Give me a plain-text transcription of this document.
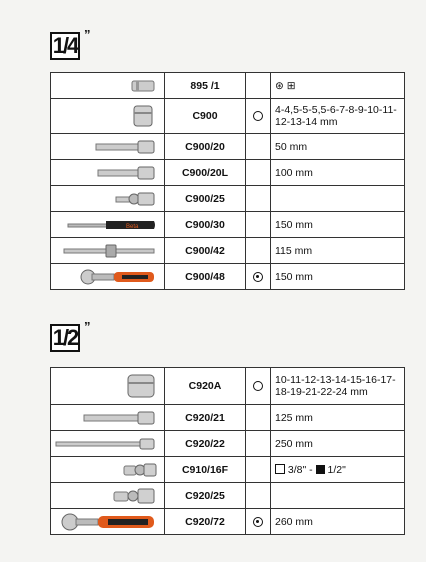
1/4 ”
	895 /1		⊛ ⊞

	C900		4-4,5-5-5,5-6-7-8-9-10-11-12-13-14 mm

	C900/20		50 mm

	C900/20L		100 mm

	C900/25		

Beta	C900/30		150 mm

	C900/42		115 mm

	C900/48		150 mm
1/2 ”
	C920A		10-11-12-13-14-15-16-17-18-19-21-22-24 mm

	C920/21		125 mm

	C920/22		250 mm

	C910/16F		3/8" -  1/2"

	C920/25		

	C920/72		260 mm
